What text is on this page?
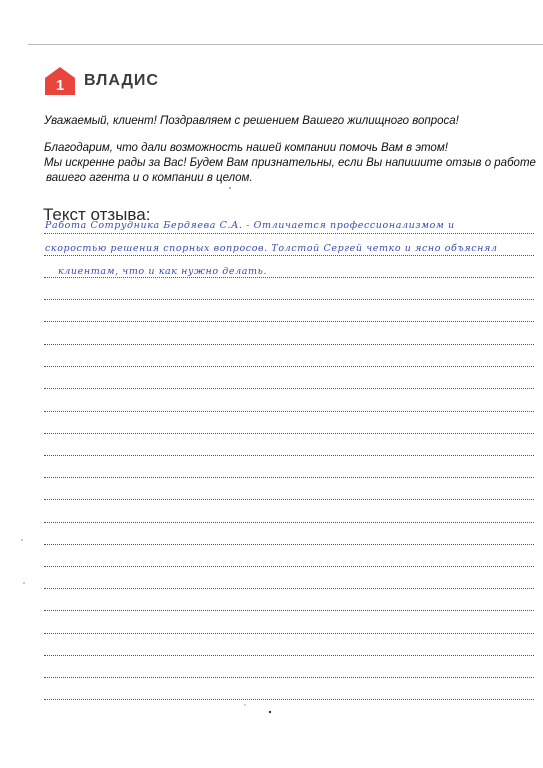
1 ВЛАДИС
Уважаемый, клиент! Поздравляем с решением Вашего жилищного вопроса!
Благодарим, что дали возможность нашей компании помочь Вам в этом!
Мы искренне рады за Вас! Будем Вам признательны, если Вы напишите отзыв о работе
вашего агента и о компании в целом.
Текст отзыва:
Работа Сотрудника Бердяева С.А. - Отличается профессионализмом и
скоростью решения спорных вопросов. Толстой Сергей четко и ясно объяснял
клиентам, что и как нужно делать.
